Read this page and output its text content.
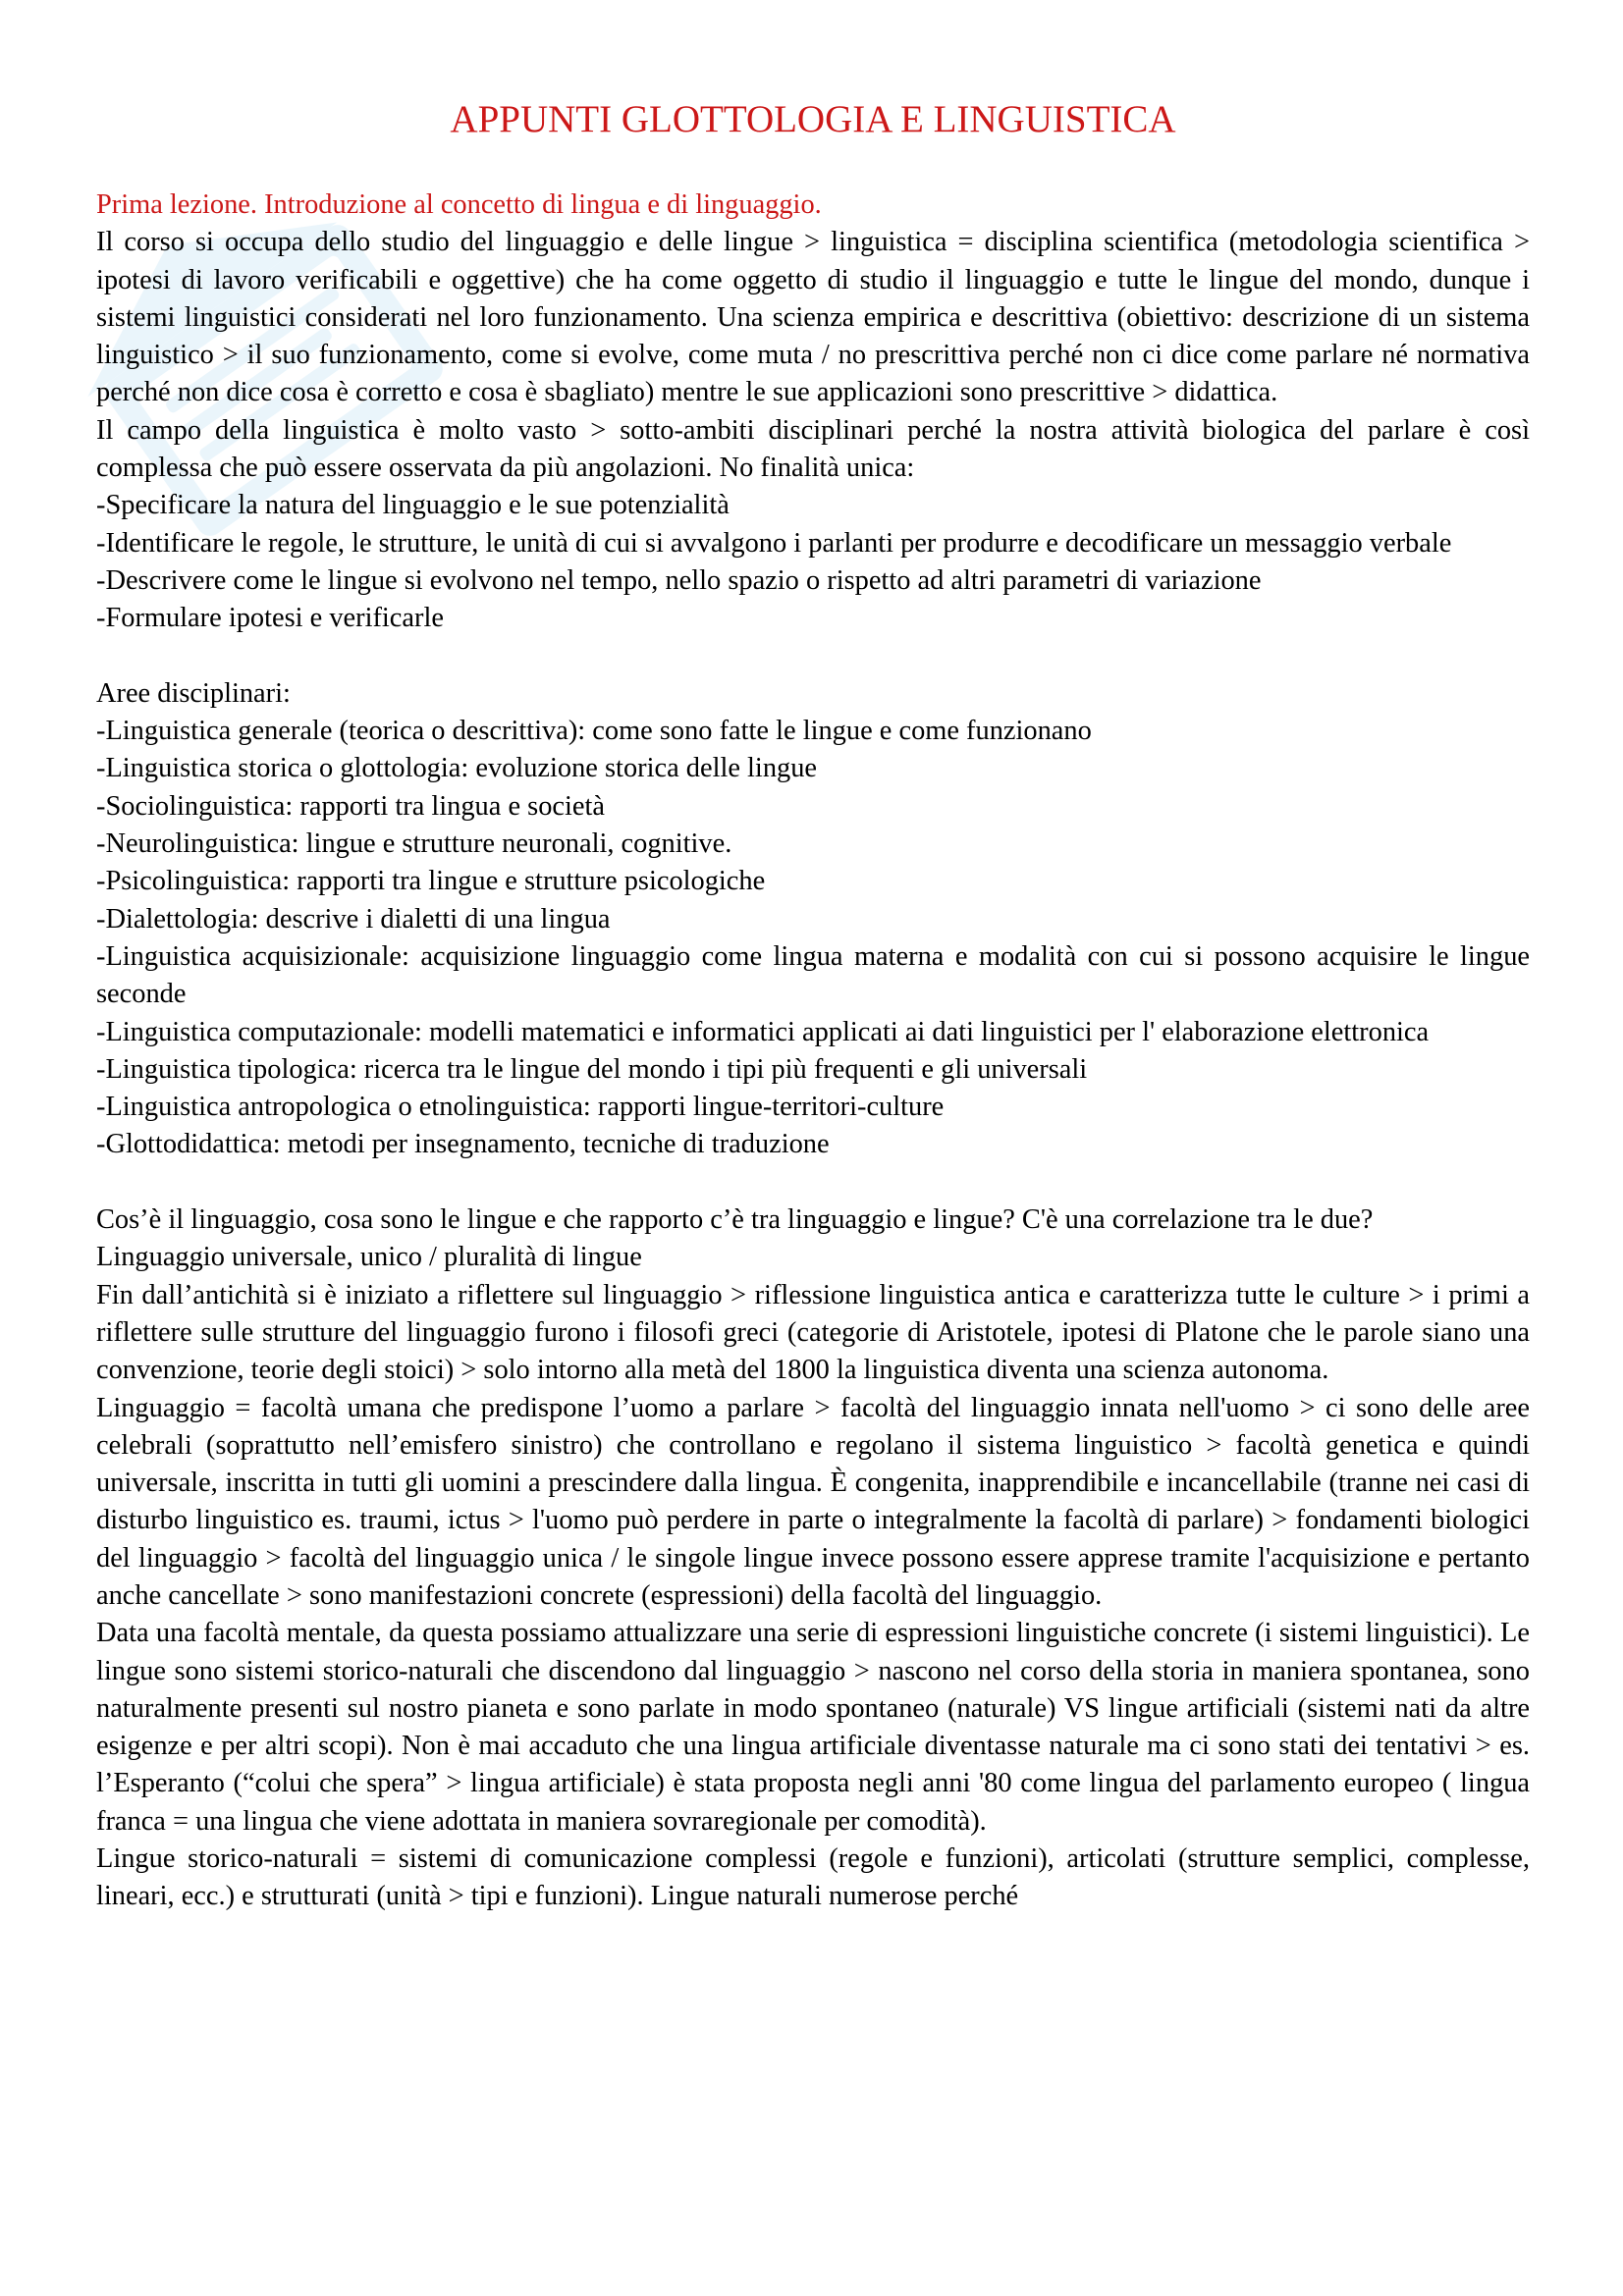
APPUNTI GLOTTOLOGIA E LINGUISTICA

Prima lezione. Introduzione al concetto di lingua e di linguaggio.

Il corso si occupa dello studio del linguaggio e delle lingue > linguistica = disciplina scientifica (metodologia scientifica > ipotesi di lavoro verificabili e oggettive) che ha come oggetto di studio il linguaggio e tutte le lingue del mondo, dunque i sistemi linguistici considerati nel loro funzionamento. Una scienza empirica e descrittiva (obiettivo: descrizione di un sistema linguistico > il suo funzionamento, come si evolve, come muta / no prescrittiva perché non ci dice come parlare né normativa perché non dice cosa è corretto e cosa è sbagliato) mentre le sue applicazioni sono prescrittive > didattica.

Il campo della linguistica è molto vasto > sotto-ambiti disciplinari perché la nostra attività biologica del parlare è così complessa che può essere osservata da più angolazioni. No finalità unica:

-Specificare la natura del linguaggio e le sue potenzialità

-Identificare le regole, le strutture, le unità di cui si avvalgono i parlanti per produrre e decodificare un messaggio verbale

-Descrivere come le lingue si evolvono nel tempo, nello spazio o rispetto ad altri parametri di variazione

-Formulare ipotesi e verificarle

Aree disciplinari:

-Linguistica generale (teorica o descrittiva): come sono fatte le lingue e come funzionano

-Linguistica storica o glottologia: evoluzione storica delle lingue

-Sociolinguistica: rapporti tra lingua e società

-Neurolinguistica: lingue e strutture neuronali, cognitive.

-Psicolinguistica: rapporti tra lingue e strutture psicologiche

-Dialettologia: descrive i dialetti di una lingua

-Linguistica acquisizionale: acquisizione linguaggio come lingua materna e modalità con cui si possono acquisire le lingue seconde

-Linguistica computazionale: modelli matematici e informatici applicati ai dati linguistici per l' elaborazione elettronica

-Linguistica tipologica: ricerca tra le lingue del mondo i tipi più frequenti e gli universali

-Linguistica antropologica o etnolinguistica: rapporti lingue-territori-culture

-Glottodidattica: metodi per insegnamento, tecniche di traduzione

Cos’è il linguaggio, cosa sono le lingue e che rapporto c’è tra linguaggio e lingue? C'è una correlazione tra le due?

Linguaggio universale, unico / pluralità di lingue

Fin dall’antichità si è iniziato a riflettere sul linguaggio > riflessione linguistica antica e caratterizza tutte le culture > i primi a riflettere sulle strutture del linguaggio furono i filosofi greci (categorie di Aristotele, ipotesi di Platone che le parole siano una convenzione, teorie degli stoici) > solo intorno alla metà del 1800 la linguistica diventa una scienza autonoma.

Linguaggio = facoltà umana che predispone l’uomo a parlare > facoltà del linguaggio innata nell'uomo > ci sono delle aree celebrali (soprattutto nell’emisfero sinistro) che controllano e regolano il sistema linguistico > facoltà genetica e quindi universale, inscritta in tutti gli uomini a prescindere dalla lingua. È congenita, inapprendibile e incancellabile (tranne nei casi di disturbo linguistico es. traumi, ictus > l'uomo può perdere in parte o integralmente la facoltà di parlare) > fondamenti biologici del linguaggio > facoltà del linguaggio unica / le singole lingue invece possono essere apprese tramite l'acquisizione e pertanto anche cancellate > sono manifestazioni concrete (espressioni) della facoltà del linguaggio.

Data una facoltà mentale, da questa possiamo attualizzare una serie di espressioni linguistiche concrete (i sistemi linguistici). Le lingue sono sistemi storico-naturali che discendono dal linguaggio > nascono nel corso della storia in maniera spontanea, sono naturalmente presenti sul nostro pianeta e sono parlate in modo spontaneo (naturale) VS lingue artificiali (sistemi nati da altre esigenze e per altri scopi). Non è mai accaduto che una lingua artificiale diventasse naturale ma ci sono stati dei tentativi > es. l’Esperanto (“colui che spera” > lingua artificiale) è stata proposta negli anni '80 come lingua del parlamento europeo ( lingua franca = una lingua che viene adottata in maniera sovraregionale per comodità).

Lingue storico-naturali = sistemi di comunicazione complessi (regole e funzioni), articolati (strutture semplici, complesse, lineari, ecc.) e strutturati (unità > tipi e funzioni). Lingue naturali numerose perché
